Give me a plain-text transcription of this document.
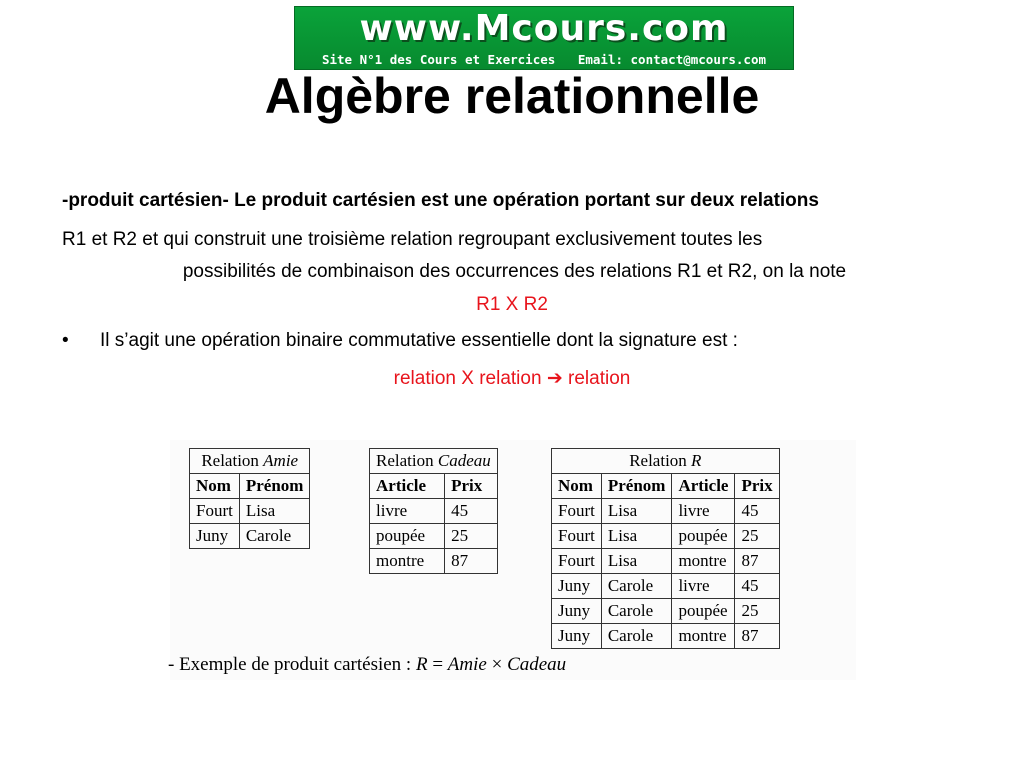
www.Mcours.com
Site N°1 des Cours et Exercices   Email: contact@mcours.com
Algèbre relationnelle
-produit cartésien- Le produit cartésien est une opération portant sur deux relations
R1 et R2 et qui construit une troisième relation regroupant exclusivement toutes les
possibilités de combinaison des occurrences des relations R1 et R2, on la note
R1 X R2
• Il s’agit une opération binaire commutative essentielle dont la signature est :
relation X relation ➔ relation
Relation Amie	
Nom	Prénom
Fourt	Lisa
Juny	Carole
Relation Cadeau	
Article	Prix
livre	45
poupée	25
montre	87
Relation R			
Nom	Prénom	Article	Prix
Fourt	Lisa	livre	45
Fourt	Lisa	poupée	25
Fourt	Lisa	montre	87
Juny	Carole	livre	45
Juny	Carole	poupée	25
Juny	Carole	montre	87
- Exemple de produit cartésien : R = Amie × Cadeau
